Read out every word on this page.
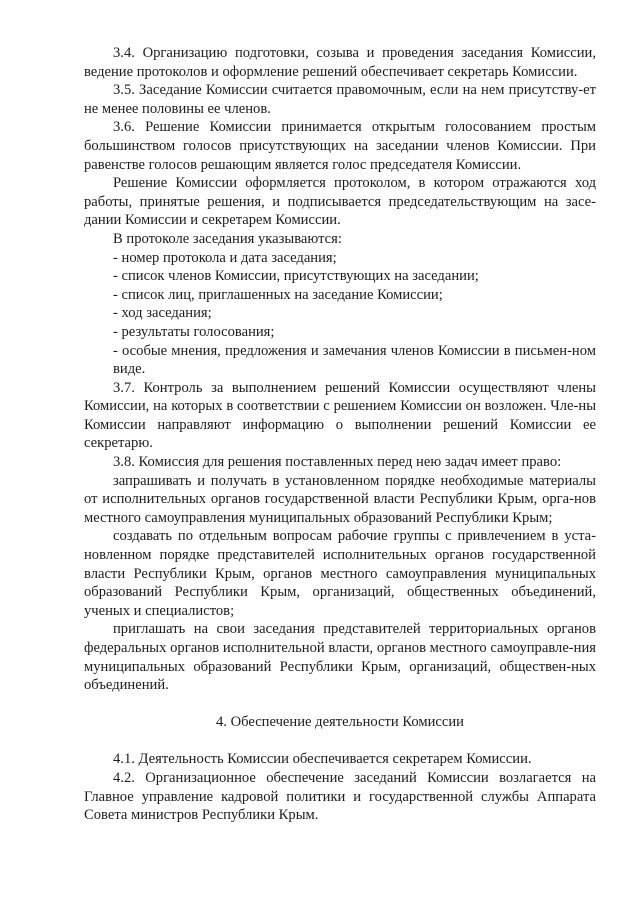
3.4. Организацию подготовки, созыва и проведения заседания Комиссии, ведение протоколов и оформление решений обеспечивает секретарь Комиссии.

3.5. Заседание Комиссии считается правомочным, если на нем присутству-ет не менее половины ее членов.

3.6. Решение Комиссии принимается открытым голосованием простым большинством голосов присутствующих на заседании членов Комиссии. При равенстве голосов решающим является голос председателя Комиссии.

Решение Комиссии оформляется протоколом, в котором отражаются ход работы, принятые решения, и подписывается председательствующим на засе-дании Комиссии и секретарем Комиссии.

В протоколе заседания указываются:

- номер протокола и дата заседания;

- список членов Комиссии, присутствующих на заседании;

- список лиц, приглашенных на заседание Комиссии;

- ход заседания;

- результаты голосования;

- особые мнения, предложения и замечания членов Комиссии в письмен-ном виде.

3.7. Контроль за выполнением решений Комиссии осуществляют члены Комиссии, на которых в соответствии с решением Комиссии он возложен. Чле-ны Комиссии направляют информацию о выполнении решений Комиссии ее секретарю.

3.8. Комиссия для решения поставленных перед нею задач имеет право:

запрашивать и получать в установленном порядке необходимые материалы от исполнительных органов государственной власти Республики Крым, орга-нов местного самоуправления муниципальных образований Республики Крым;

создавать по отдельным вопросам рабочие группы с привлечением в уста-новленном порядке представителей исполнительных органов государственной власти Республики Крым, органов местного самоуправления муниципальных образований Республики Крым, организаций, общественных объединений, ученых и специалистов;

приглашать на свои заседания представителей территориальных органов федеральных органов исполнительной власти, органов местного самоуправле-ния муниципальных образований Республики Крым, организаций, обществен-ных объединений.

4. Обеспечение деятельности Комиссии

4.1. Деятельность Комиссии обеспечивается секретарем Комиссии.

4.2. Организационное обеспечение заседаний Комиссии возлагается на Главное управление кадровой политики и государственной службы Аппарата Совета министров Республики Крым.
